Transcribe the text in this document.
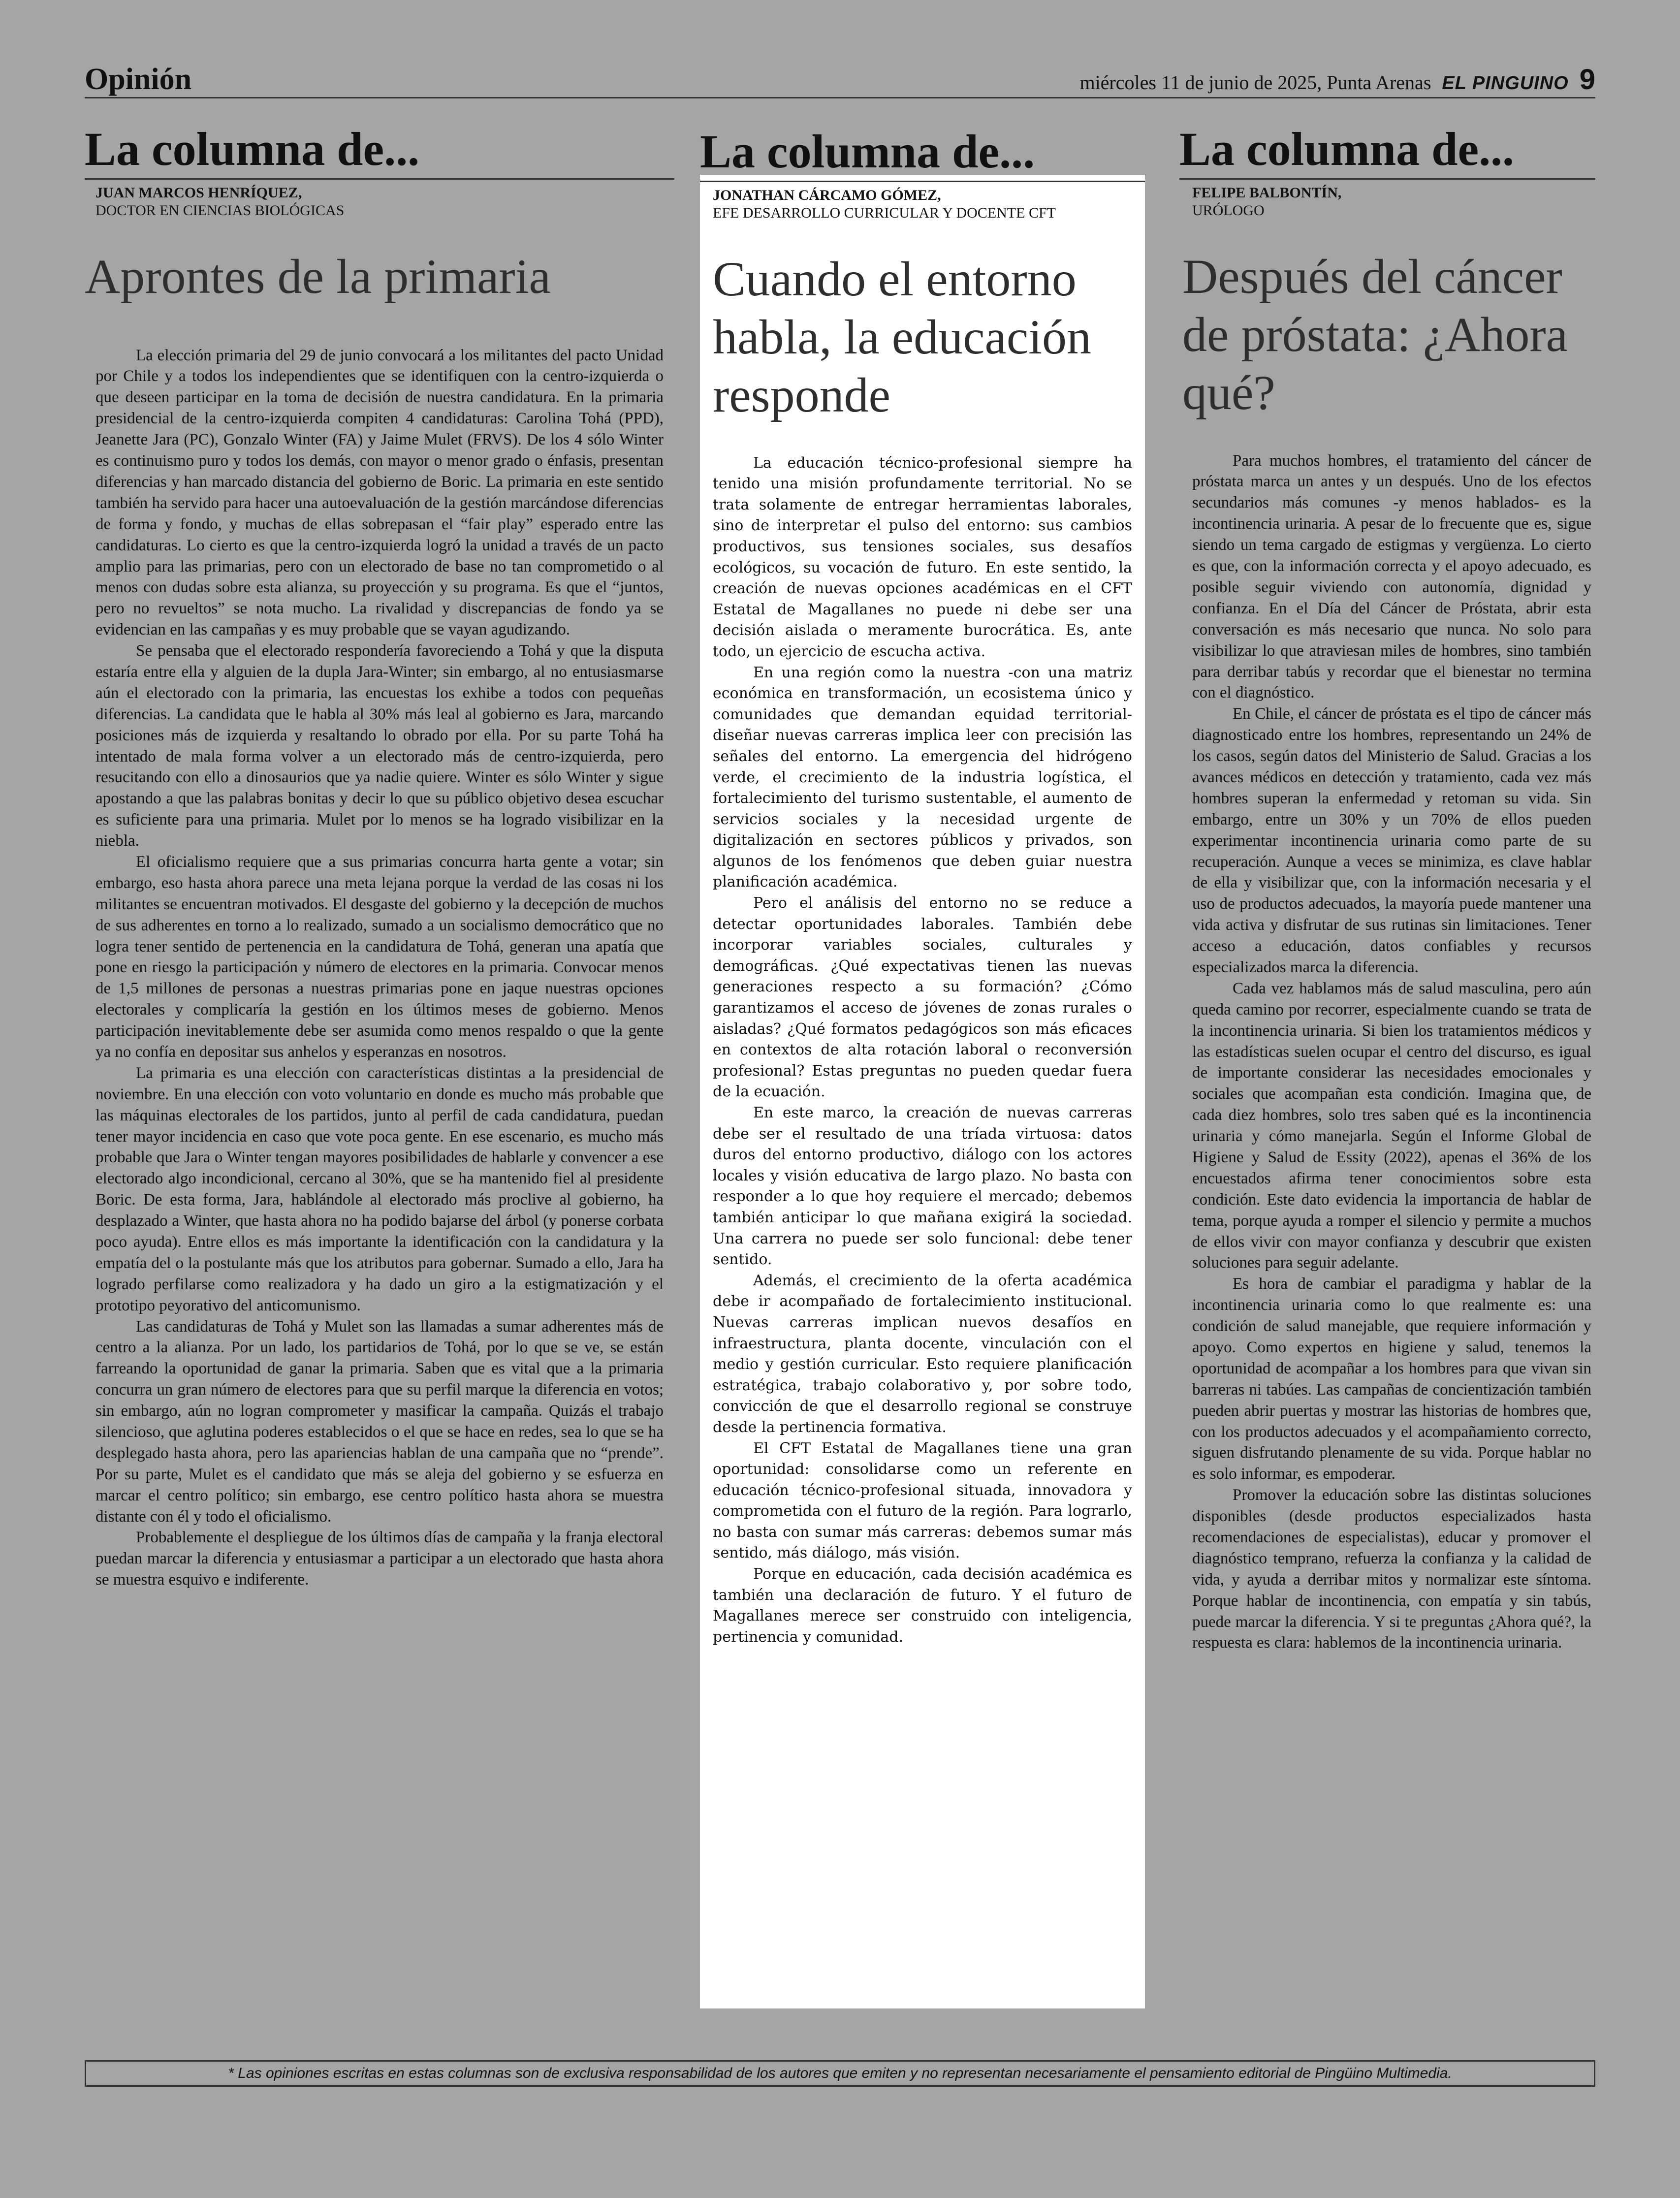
Opinión	miércoles 11 de junio de 2025, Punta Arenas EL PINGUINO 9
La columna de...
JUAN MARCOS HENRÍQUEZ,
DOCTOR EN CIENCIAS BIOLÓGICAS
Aprontes de la primaria

La elección primaria del 29 de junio convocará a los militantes del pacto Unidad por Chile y a todos los independientes que se identifiquen con la centro-izquierda o que deseen participar en la toma de decisión de nuestra candidatura. En la primaria presidencial de la centro-izquierda compiten 4 candidaturas: Carolina Tohá (PPD), Jeanette Jara (PC), Gonzalo Winter (FA) y Jaime Mulet (FRVS). De los 4 sólo Winter es continuismo puro y todos los demás, con mayor o menor grado o énfasis, presentan diferencias y han marcado distancia del gobierno de Boric. La primaria en este sentido también ha servido para hacer una autoevaluación de la gestión marcándose diferencias de forma y fondo, y muchas de ellas sobrepasan el “fair play” esperado entre las candidaturas. Lo cierto es que la centro-izquierda logró la unidad a través de un pacto amplio para las primarias, pero con un electorado de base no tan comprometido o al menos con dudas sobre esta alianza, su proyección y su programa. Es que el “juntos, pero no revueltos” se nota mucho. La rivalidad y discrepancias de fondo ya se evidencian en las campañas y es muy probable que se vayan agudizando.

Se pensaba que el electorado respondería favoreciendo a Tohá y que la disputa estaría entre ella y alguien de la dupla Jara-Winter; sin embargo, al no entusiasmarse aún el electorado con la primaria, las encuestas los exhibe a todos con pequeñas diferencias. La candidata que le habla al 30% más leal al gobierno es Jara, marcando posiciones más de izquierda y resaltando lo obrado por ella. Por su parte Tohá ha intentado de mala forma volver a un electorado más de centro-izquierda, pero resucitando con ello a dinosaurios que ya nadie quiere. Winter es sólo Winter y sigue apostando a que las palabras bonitas y decir lo que su público objetivo desea escuchar es suficiente para una primaria. Mulet por lo menos se ha logrado visibilizar en la niebla.

El oficialismo requiere que a sus primarias concurra harta gente a votar; sin embargo, eso hasta ahora parece una meta lejana porque la verdad de las cosas ni los militantes se encuentran motivados. El desgaste del gobierno y la decepción de muchos de sus adherentes en torno a lo realizado, sumado a un socialismo democrático que no logra tener sentido de pertenencia en la candidatura de Tohá, generan una apatía que pone en riesgo la participación y número de electores en la primaria. Convocar menos de 1,5 millones de personas a nuestras primarias pone en jaque nuestras opciones electorales y complicaría la gestión en los últimos meses de gobierno. Menos participación inevitablemente debe ser asumida como menos respaldo o que la gente ya no confía en depositar sus anhelos y esperanzas en nosotros.

La primaria es una elección con características distintas a la presidencial de noviembre. En una elección con voto voluntario en donde es mucho más probable que las máquinas electorales de los partidos, junto al perfil de cada candidatura, puedan tener mayor incidencia en caso que vote poca gente. En ese escenario, es mucho más probable que Jara o Winter tengan mayores posibilidades de hablarle y convencer a ese electorado algo incondicional, cercano al 30%, que se ha mantenido fiel al presidente Boric. De esta forma, Jara, hablándole al electorado más proclive al gobierno, ha desplazado a Winter, que hasta ahora no ha podido bajarse del árbol (y ponerse corbata poco ayuda). Entre ellos es más importante la identificación con la candidatura y la empatía del o la postulante más que los atributos para gobernar. Sumado a ello, Jara ha logrado perfilarse como realizadora y ha dado un giro a la estigmatización y el prototipo peyorativo del anticomunismo.

Las candidaturas de Tohá y Mulet son las llamadas a sumar adherentes más de centro a la alianza. Por un lado, los partidarios de Tohá, por lo que se ve, se están farreando la oportunidad de ganar la primaria. Saben que es vital que a la primaria concurra un gran número de electores para que su perfil marque la diferencia en votos; sin embargo, aún no logran comprometer y masificar la campaña. Quizás el trabajo silencioso, que aglutina poderes establecidos o el que se hace en redes, sea lo que se ha desplegado hasta ahora, pero las apariencias hablan de una campaña que no “prende”. Por su parte, Mulet es el candidato que más se aleja del gobierno y se esfuerza en marcar el centro político; sin embargo, ese centro político hasta ahora se muestra distante con él y todo el oficialismo.

Probablemente el despliegue de los últimos días de campaña y la franja electoral puedan marcar la diferencia y entusiasmar a participar a un electorado que hasta ahora se muestra esquivo e indiferente.

La columna de...
JONATHAN CÁRCAMO GÓMEZ,
EFE DESARROLLO CURRICULAR Y DOCENTE CFT
Cuando el entorno habla, la educación responde

La educación técnico-profesional siempre ha tenido una misión profundamente territorial. No se trata solamente de entregar herramientas laborales, sino de interpretar el pulso del entorno: sus cambios productivos, sus tensiones sociales, sus desafíos ecológicos, su vocación de futuro. En este sentido, la creación de nuevas opciones académicas en el CFT Estatal de Magallanes no puede ni debe ser una decisión aislada o meramente burocrática. Es, ante todo, un ejercicio de escucha activa.

En una región como la nuestra -con una matriz económica en transformación, un ecosistema único y comunidades que demandan equidad territorial- diseñar nuevas carreras implica leer con precisión las señales del entorno. La emergencia del hidrógeno verde, el crecimiento de la industria logística, el fortalecimiento del turismo sustentable, el aumento de servicios sociales y la necesidad urgente de digitalización en sectores públicos y privados, son algunos de los fenómenos que deben guiar nuestra planificación académica.

Pero el análisis del entorno no se reduce a detectar oportunidades laborales. También debe incorporar variables sociales, culturales y demográficas. ¿Qué expectativas tienen las nuevas generaciones respecto a su formación? ¿Cómo garantizamos el acceso de jóvenes de zonas rurales o aisladas? ¿Qué formatos pedagógicos son más eficaces en contextos de alta rotación laboral o reconversión profesional? Estas preguntas no pueden quedar fuera de la ecuación.

En este marco, la creación de nuevas carreras debe ser el resultado de una tríada virtuosa: datos duros del entorno productivo, diálogo con los actores locales y visión educativa de largo plazo. No basta con responder a lo que hoy requiere el mercado; debemos también anticipar lo que mañana exigirá la sociedad. Una carrera no puede ser solo funcional: debe tener sentido.

Además, el crecimiento de la oferta académica debe ir acompañado de fortalecimiento institucional. Nuevas carreras implican nuevos desafíos en infraestructura, planta docente, vinculación con el medio y gestión curricular. Esto requiere planificación estratégica, trabajo colaborativo y, por sobre todo, convicción de que el desarrollo regional se construye desde la pertinencia formativa.

El CFT Estatal de Magallanes tiene una gran oportunidad: consolidarse como un referente en educación técnico-profesional situada, innovadora y comprometida con el futuro de la región. Para lograrlo, no basta con sumar más carreras: debemos sumar más sentido, más diálogo, más visión.

Porque en educación, cada decisión académica es también una declaración de futuro. Y el futuro de Magallanes merece ser construido con inteligencia, pertinencia y comunidad.

La columna de...
FELIPE BALBONTÍN,
URÓLOGO
Después del cáncer de próstata: ¿Ahora qué?

Para muchos hombres, el tratamiento del cáncer de próstata marca un antes y un después. Uno de los efectos secundarios más comunes -y menos hablados- es la incontinencia urinaria. A pesar de lo frecuente que es, sigue siendo un tema cargado de estigmas y vergüenza. Lo cierto es que, con la información correcta y el apoyo adecuado, es posible seguir viviendo con autonomía, dignidad y confianza. En el Día del Cáncer de Próstata, abrir esta conversación es más necesario que nunca. No solo para visibilizar lo que atraviesan miles de hombres, sino también para derribar tabús y recordar que el bienestar no termina con el diagnóstico.

En Chile, el cáncer de próstata es el tipo de cáncer más diagnosticado entre los hombres, representando un 24% de los casos, según datos del Ministerio de Salud. Gracias a los avances médicos en detección y tratamiento, cada vez más hombres superan la enfermedad y retoman su vida. Sin embargo, entre un 30% y un 70% de ellos pueden experimentar incontinencia urinaria como parte de su recuperación. Aunque a veces se minimiza, es clave hablar de ella y visibilizar que, con la información necesaria y el uso de productos adecuados, la mayoría puede mantener una vida activa y disfrutar de sus rutinas sin limitaciones. Tener acceso a educación, datos confiables y recursos especializados marca la diferencia.

Cada vez hablamos más de salud masculina, pero aún queda camino por recorrer, especialmente cuando se trata de la incontinencia urinaria. Si bien los tratamientos médicos y las estadísticas suelen ocupar el centro del discurso, es igual de importante considerar las necesidades emocionales y sociales que acompañan esta condición. Imagina que, de cada diez hombres, solo tres saben qué es la incontinencia urinaria y cómo manejarla. Según el Informe Global de Higiene y Salud de Essity (2022), apenas el 36% de los encuestados afirma tener conocimientos sobre esta condición. Este dato evidencia la importancia de hablar de tema, porque ayuda a romper el silencio y permite a muchos de ellos vivir con mayor confianza y descubrir que existen soluciones para seguir adelante.

Es hora de cambiar el paradigma y hablar de la incontinencia urinaria como lo que realmente es: una condición de salud manejable, que requiere información y apoyo. Como expertos en higiene y salud, tenemos la oportunidad de acompañar a los hombres para que vivan sin barreras ni tabúes. Las campañas de concientización también pueden abrir puertas y mostrar las historias de hombres que, con los productos adecuados y el acompañamiento correcto, siguen disfrutando plenamente de su vida. Porque hablar no es solo informar, es empoderar.

Promover la educación sobre las distintas soluciones disponibles (desde productos especializados hasta recomendaciones de especialistas), educar y promover el diagnóstico temprano, refuerza la confianza y la calidad de vida, y ayuda a derribar mitos y normalizar este síntoma. Porque hablar de incontinencia, con empatía y sin tabús, puede marcar la diferencia. Y si te preguntas ¿Ahora qué?, la respuesta es clara: hablemos de la incontinencia urinaria.

* Las opiniones escritas en estas columnas son de exclusiva responsabilidad de los autores que emiten y no representan necesariamente el pensamiento editorial de Pingüino Multimedia.
